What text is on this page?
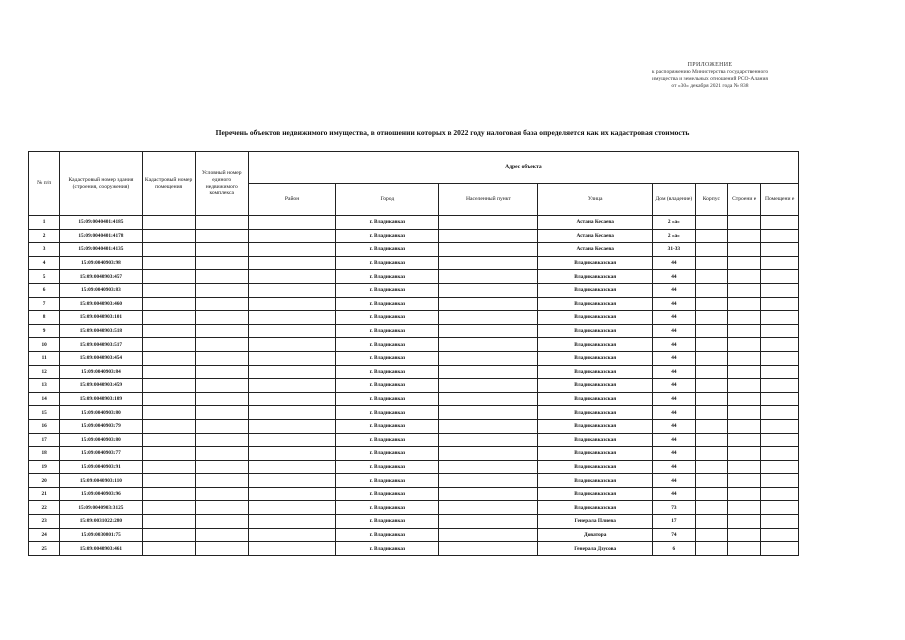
ПРИЛОЖЕНИЕ
к распоряжению Министерства государственного
имущества и земельных отношений РСО-Алания
от «30» декабря 2021 года № 838
Перечень объектов недвижимого имущества, в отношении которых в 2022 году налоговая база определяется как их кадастровая стоимость
№ п/п	Кадастровый номер здания (строения, сооружения)	Кадастровый номер помещения	Условный номер единого недвижимого комплекса	Адрес объекта							
				Район	Город	Населенный пункт	Улица	Дом (владение)	Корпус	Строени е	Помещени е
1	15:09:0040401:4185				г. Владикавказ		Астана Кесаева	2 «а»			
2	15:09:0040401:4178				г. Владикавказ		Астана Кесаева	2 «а»			
3	15:09:0040401:4135				г. Владикавказ		Астана Кесаева	31-33			
4	15:09:0040903:98				г. Владикавказ		Владикавказская	44			
5	15:09:0040903:457				г. Владикавказ		Владикавказская	44			
6	15:09:0040903:83				г. Владикавказ		Владикавказская	44			
7	15:09:0040903:460				г. Владикавказ		Владикавказская	44			
8	15:09:0040903:101				г. Владикавказ		Владикавказская	44			
9	15:09:0040903:518				г. Владикавказ		Владикавказская	44			
10	15:09:0040903:517				г. Владикавказ		Владикавказская	44			
11	15:09:0040903:454				г. Владикавказ		Владикавказская	44			
12	15:09:0040903:84				г. Владикавказ		Владикавказская	44			
13	15:09:0040903:459				г. Владикавказ		Владикавказская	44			
14	15:09:0040903:109				г. Владикавказ		Владикавказская	44			
15	15:09:0040903:80				г. Владикавказ		Владикавказская	44			
16	15:09:0040903:79				г. Владикавказ		Владикавказская	44			
17	15:09:0040903:80				г. Владикавказ		Владикавказская	44			
18	15:09:0040903:77				г. Владикавказ		Владикавказская	44			
19	15:09:0040903:91				г. Владикавказ		Владикавказская	44			
20	15:09:0040903:110				г. Владикавказ		Владикавказская	44			
21	15:09:0040903:96				г. Владикавказ		Владикавказская	44			
22	15:09:0040903:3125				г. Владикавказ		Владикавказская	73			
23	15:09:0031022:280				г. Владикавказ		Генерала Плиева	17			
24	15:09:0030801:75				г. Владикавказ		Доватора	74			
25	15:09:0040903:461				г. Владикавказ		Генерала Дзусова	6			
